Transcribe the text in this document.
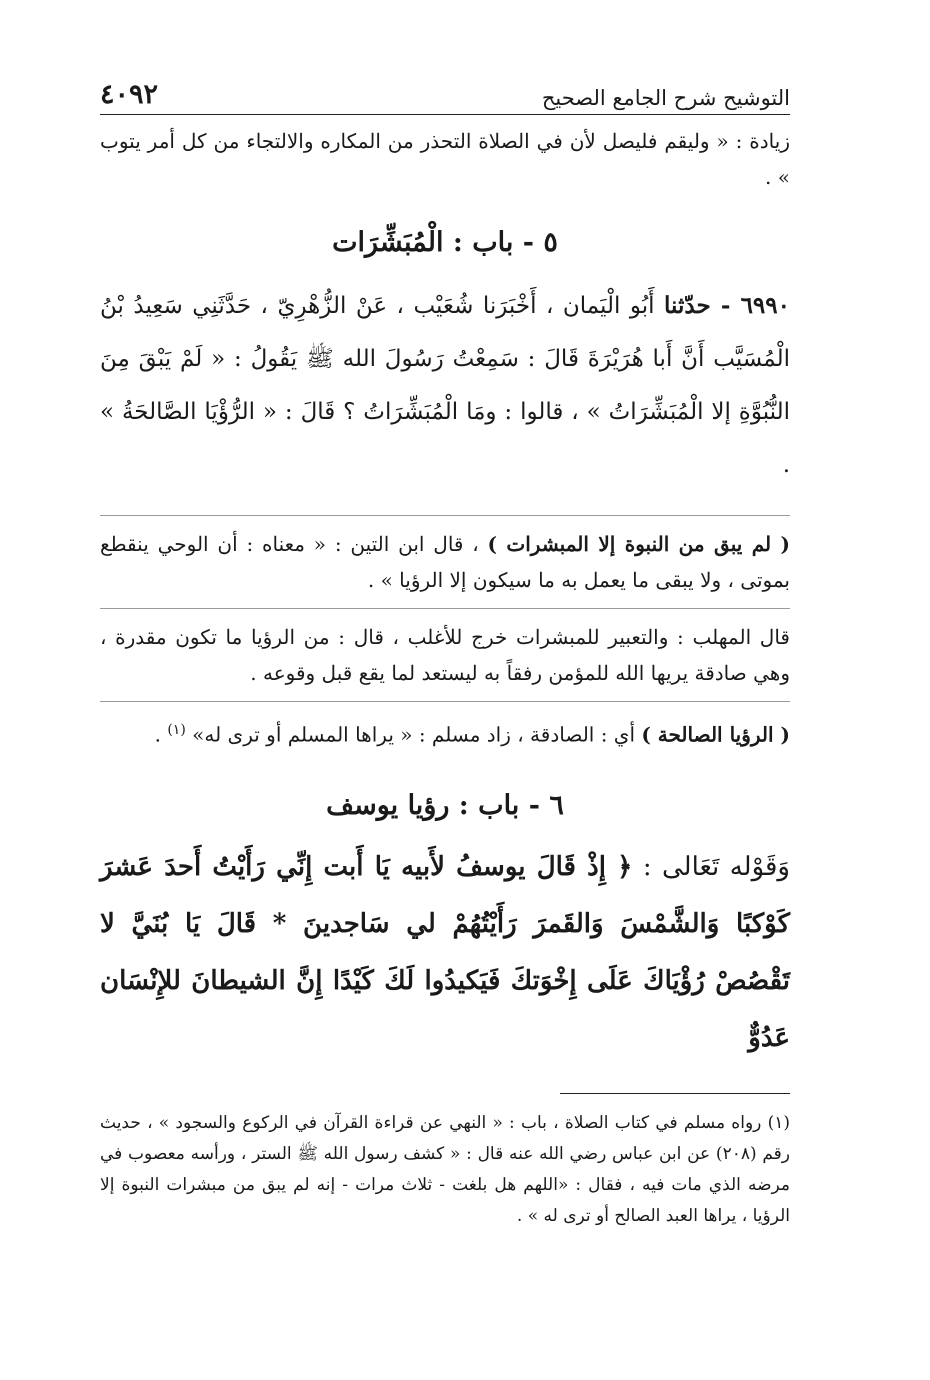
التوشيح شرح الجامع الصحيح
٤٠٩٢

زيادة : « وليقم فليصل لأن في الصلاة التحذر من المكاره والالتجاء من كل أمر يتوب » .

٥ - باب : الْمُبَشِّرَات

٦٩٩٠ - حدّثنا أَبُو الْيَمان ، أَخْبَرَنا شُعَيْب ، عَنْ الزُّهْرِيّ ، حَدَّثَنِي سَعِيدُ بْنُ الْمُسَيَّب أَنَّ أَبا هُرَيْرَةَ قَالَ : سَمِعْتُ رَسُولَ الله ﷺ يَقُولُ : « لَمْ يَبْقَ مِنَ النُّبُوَّةِ إلا الْمُبَشِّرَاتُ » ، قالوا : ومَا الْمُبَشِّرَاتُ ؟ قَالَ : « الرُّؤْيَا الصَّالحَةُ » .

( لم يبق من النبوة إلا المبشرات ) ، قال ابن التين : « معناه : أن الوحي ينقطع بموتى ، ولا يبقى ما يعمل به ما سيكون إلا الرؤيا » .

قال المهلب : والتعبير للمبشرات خرج للأغلب ، قال : من الرؤيا ما تكون مقدرة ، وهي صادقة يريها الله للمؤمن رفقاً به ليستعد لما يقع قبل وقوعه .

( الرؤيا الصالحة ) أي : الصادقة ، زاد مسلم : « يراها المسلم أو ترى له» $^{(١)}$ .

٦ - باب : رؤيا يوسف

وَقَوْله تَعَالى : ﴿ إِذْ قَالَ يوسفُ لأَبيه يَا أَبت إِنِّي رَأَيْتُ أَحدَ عَشرَ كَوْكبًا وَالشَّمْسَ وَالقَمرَ رَأَيْتُهُمْ لي سَاجدينَ * قَالَ يَا بُنَيَّ لا تَقْصُصْ رُؤْيَاكَ عَلَى إِخْوَتكَ فَيَكيدُوا لَكَ كَيْدًا إِنَّ الشيطانَ للإِنْسَان عَدُوٌّ

(١) رواه مسلم في كتاب الصلاة ، باب : « النهي عن قراءة القرآن في الركوع والسجود » ، حديث رقم (٢٠٨) عن ابن عباس رضي الله عنه قال : « كشف رسول الله ﷺ الستر ، ورأسه معصوب في مرضه الذي مات فيه ، فقال : «اللهم هل بلغت - ثلاث مرات - إنه لم يبق من مبشرات النبوة إلا الرؤيا ، يراها العبد الصالح أو ترى له » .
